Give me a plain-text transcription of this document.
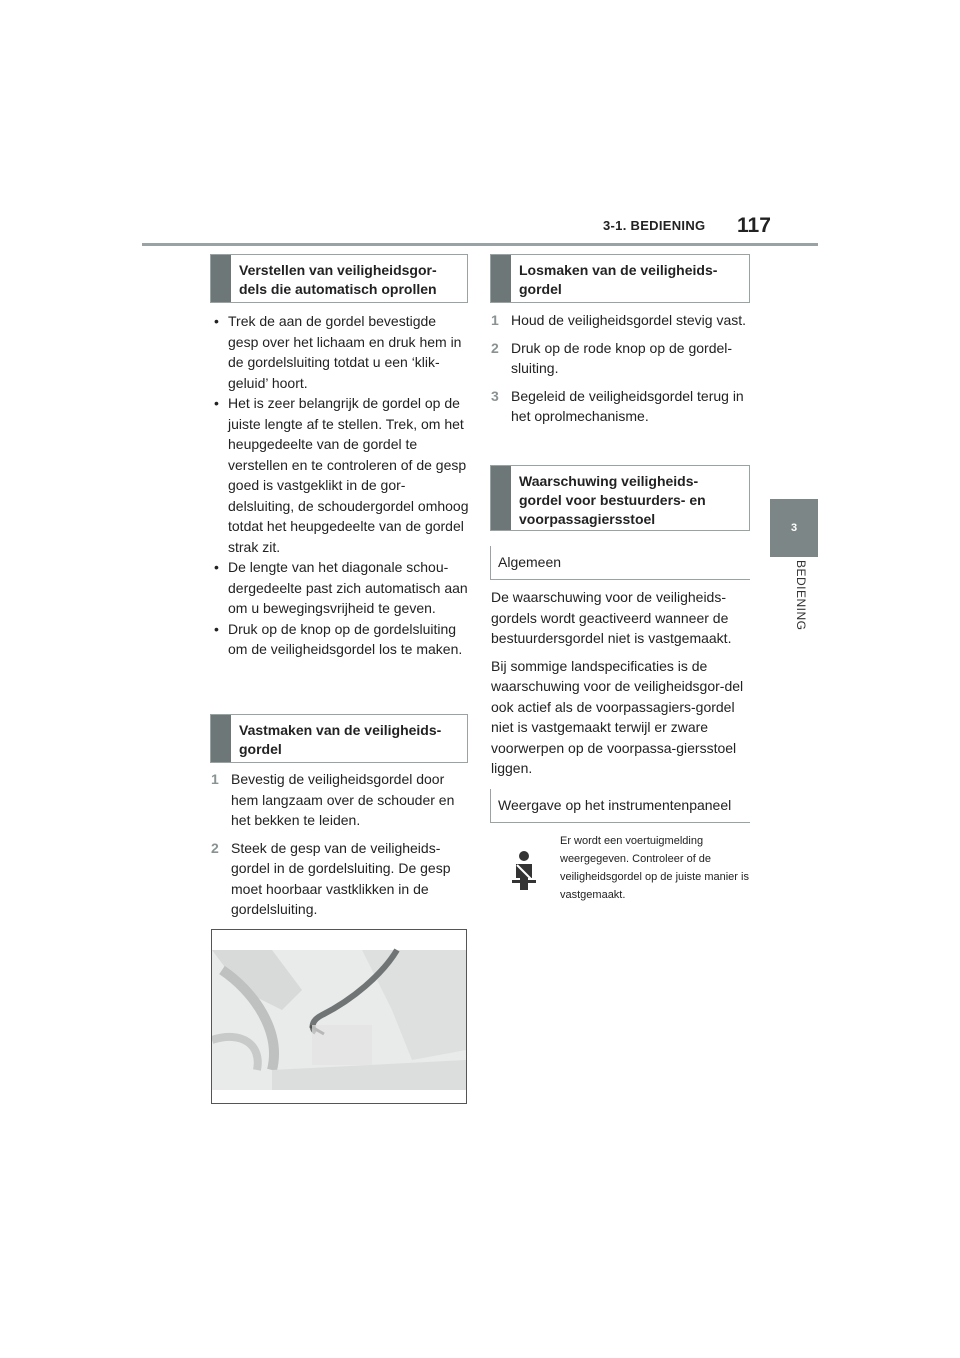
3-1. BEDIENING 117
3
BEDIENING
Verstellen van veiligheidsgor-
dels die automatisch oprollen
• Trek de aan de gordel bevestigde gesp over het lichaam en druk hem in de gordelsluiting totdat u een ‘klik-geluid’ hoort.
• Het is zeer belangrijk de gordel op de juiste lengte af te stellen. Trek, om het heupgedeelte van de gordel te verstellen en te controleren of de gesp goed is vastgeklikt in de gor-delsluiting, de schoudergordel omhoog totdat het heupgedeelte van de gordel strak zit.
• De lengte van het diagonale schou-dergedeelte past zich automatisch aan om u bewegingsvrijheid te geven.
• Druk op de knop op de gordelsluiting om de veiligheidsgordel los te maken.
Vastmaken van de veiligheids-
gordel
1 Bevestig de veiligheidsgordel door hem langzaam over de schouder en het bekken te leiden.
2 Steek de gesp van de veiligheids-gordel in de gordelsluiting. De gesp moet hoorbaar vastklikken in de gordelsluiting.
Losmaken van de veiligheids-
gordel
1 Houd de veiligheidsgordel stevig vast.
2 Druk op de rode knop op de gordel-sluiting.
3 Begeleid de veiligheidsgordel terug in het oprolmechanisme.
Waarschuwing veiligheids-
gordel voor bestuurders- en
voorpassagiersstoel
Algemeen

De waarschuwing voor de veiligheids-gordels wordt geactiveerd wanneer de bestuurdersgordel niet is vastgemaakt.

Bij sommige landspecificaties is de waarschuwing voor de veiligheidsgor-del ook actief als de voorpassagiers-gordel niet is vastgemaakt terwijl er zware voorwerpen op de voorpassa-giersstoel liggen.

Weergave op het instrumentenpaneel
Er wordt een voertuigmelding weergegeven. Controleer of de veiligheidsgordel op de juiste manier is vastgemaakt.
